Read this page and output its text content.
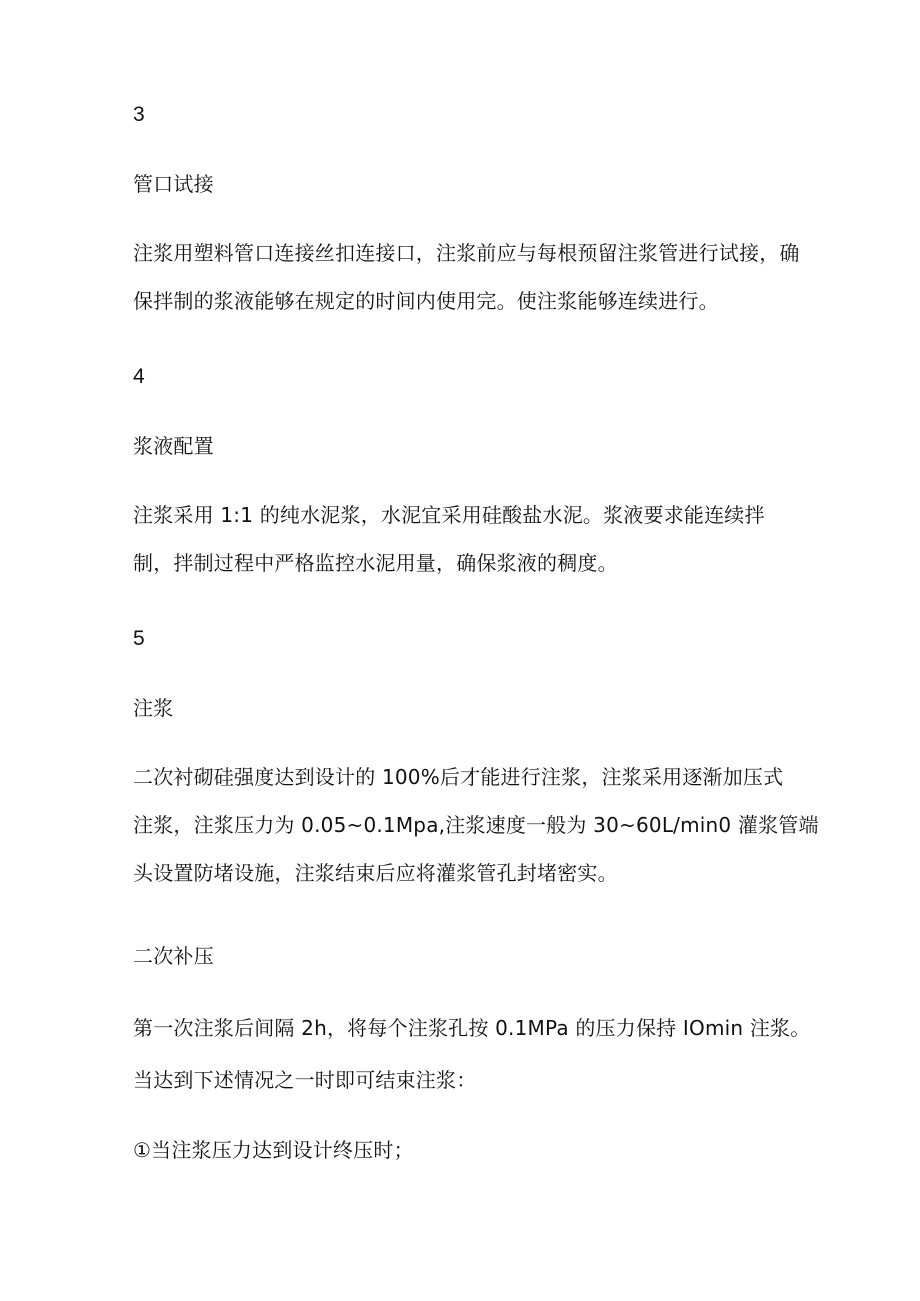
3
管口试接
注浆用塑料管口连接丝扣连接口，注浆前应与每根预留注浆管进行试接，确
保拌制的浆液能够在规定的时间内使用完。使注浆能够连续进行。
4
浆液配置
注浆采用 1:1 的纯水泥浆，水泥宜采用硅酸盐水泥。浆液要求能连续拌
制，拌制过程中严格监控水泥用量，确保浆液的稠度。
5
注浆
二次衬砌硅强度达到设计的 100%后才能进行注浆，注浆采用逐渐加压式
注浆，注浆压力为 0.05~0.1Mpa,注浆速度一般为 30~60L/min0 灌浆管端
头设置防堵设施，注浆结束后应将灌浆管孔封堵密实。
二次补压
第一次注浆后间隔 2h，将每个注浆孔按 0.1MPa 的压力保持 IOmin 注浆。
当达到下述情况之一时即可结束注浆：
①当注浆压力达到设计终压时；
